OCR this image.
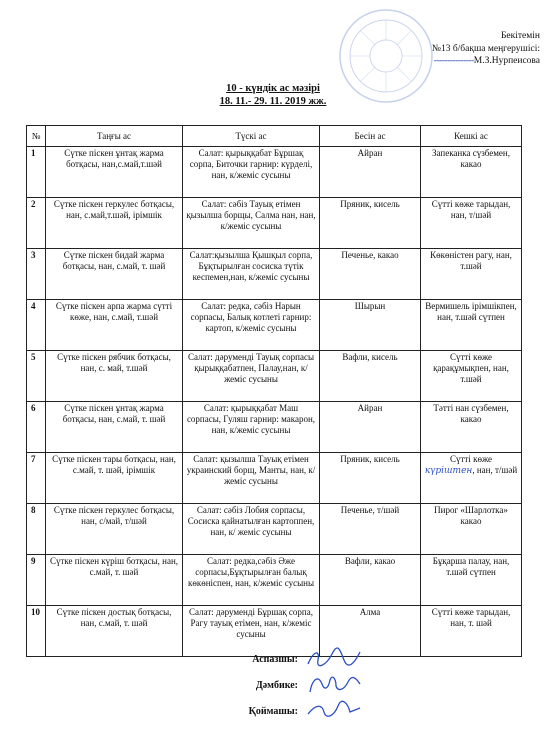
Бекітемін
№13 б/бақша меңгерушісі:
---------------М.З.Нурпеисова
10 - күндік ас мәзірі
18. 11.- 29. 11. 2019 жж.
№	Таңғы ас	Түскі ас	Бесін ас	Кешкі ас
1	Сүтке піскен ұнтақ жарма ботқасы, нан,с.май,т.шәй	Салат: қырыққабат Бұршақ сорпа, Биточки гарнир: күрделі, нан, к/жеміс сусыны	Айран	Запеканка сүзбемен, какао
2	Сүтке піскен геркулес ботқасы, нан, с.май,т.шәй, ірімшік	Салат: сәбіз Тауық етімен қызылша борщы, Салма нан, нан, к/жеміс сусыны	Пряник, кисель	Сүтті көже тарыдан, нан, т/шәй
3	Сүтке піскен бидай жарма ботқасы, нан, с.май, т. шәй	Салат:қызылша Қышқыл сорпа, Бұқтырылған сосиска түтік кеспемен,нан, к/жеміс сусыны	Печенье, какао	Көкөністен рагу, нан, т.шәй
4	Сүтке піскен арпа жарма сүтті көже, нан, с.май, т.шәй	Салат: редка, сәбіз Нарын сорпасы, Балық котлеті гарнир: картоп, к/жеміс сусыны	Шырын	Вермишель ірімшікпен, нан, т.шәй сүтпен
5	Сүтке піскен рябчик ботқасы, нан, с. май, т.шәй	Салат: дәрумендi Тауық сорпасы қырыққабатпен, Палау,нан, к/жеміс сусыны	Вафли, кисель	Сүтті көже қарақұмықпен, нан, т.шәй
6	Сүтке піскен ұнтақ жарма ботқасы, нан, с.май, т. шәй	Салат: қырыққабат Маш сорпасы, Гуляш гарнир: макарон, нан, к/жеміс сусыны	Айран	Тәтті нан сүзбемен, какао
7	Сүтке піскен тары ботқасы, нан, с.май, т. шәй, ірімшік	Салат: қызылша Тауық етімен украинский борщ, Манты, нан, к/жеміс сусыны	Пряник, кисель	Сүтті көже күріштен, нан, т/шәй
8	Сүтке піскен геркулес ботқасы, нан, с/май, т/шәй	Салат: сәбіз Лобия сорпасы, Сосиска қайнатылған картоппен, нан, к/ жеміс сусыны	Печенье, т/шәй	Пирог «Шарлотка» какао
9	Сүтке піскен күріш ботқасы, нан, с.май, т. шәй	Салат: редка,сәбіз Әже сорпасы,Бұқтырылған балық көкөніспен, нан, к/жеміс сусыны	Вафли, какао	Бұқарша палау, нан, т.шәй сүтпен
10	Сүтке піскен достық ботқасы, нан, с.май, т. шәй	Салат: дәрумендi Бұршақ сорпа, Рагу тауық етімен, нан, к/жеміс сусыны	Алма	Сүтті көже тарыдан, нан, т. шәй
Аспазшы:
Дәмбике:
Қоймашы:
